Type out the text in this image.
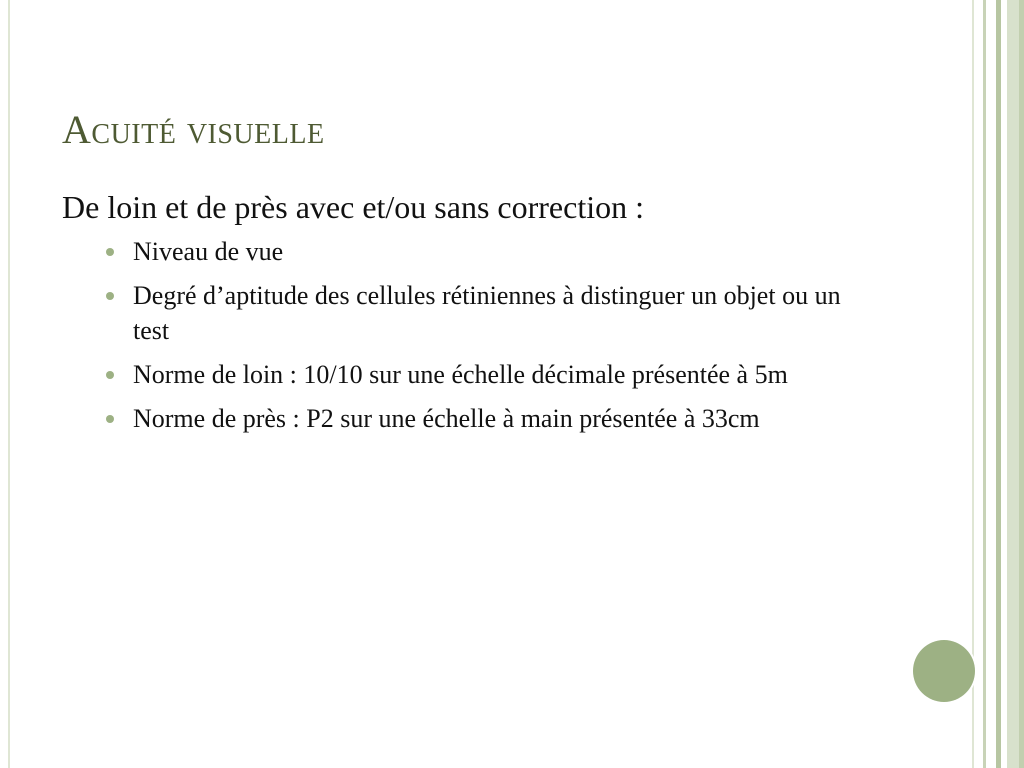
Acuité visuelle

De loin et de près avec et/ou sans correction :

Niveau de vue
Degré d’aptitude des cellules rétiniennes à distinguer un objet ou un test
Norme de loin : 10/10 sur une échelle décimale présentée à 5m
Norme de près : P2 sur une échelle à main présentée à 33cm
